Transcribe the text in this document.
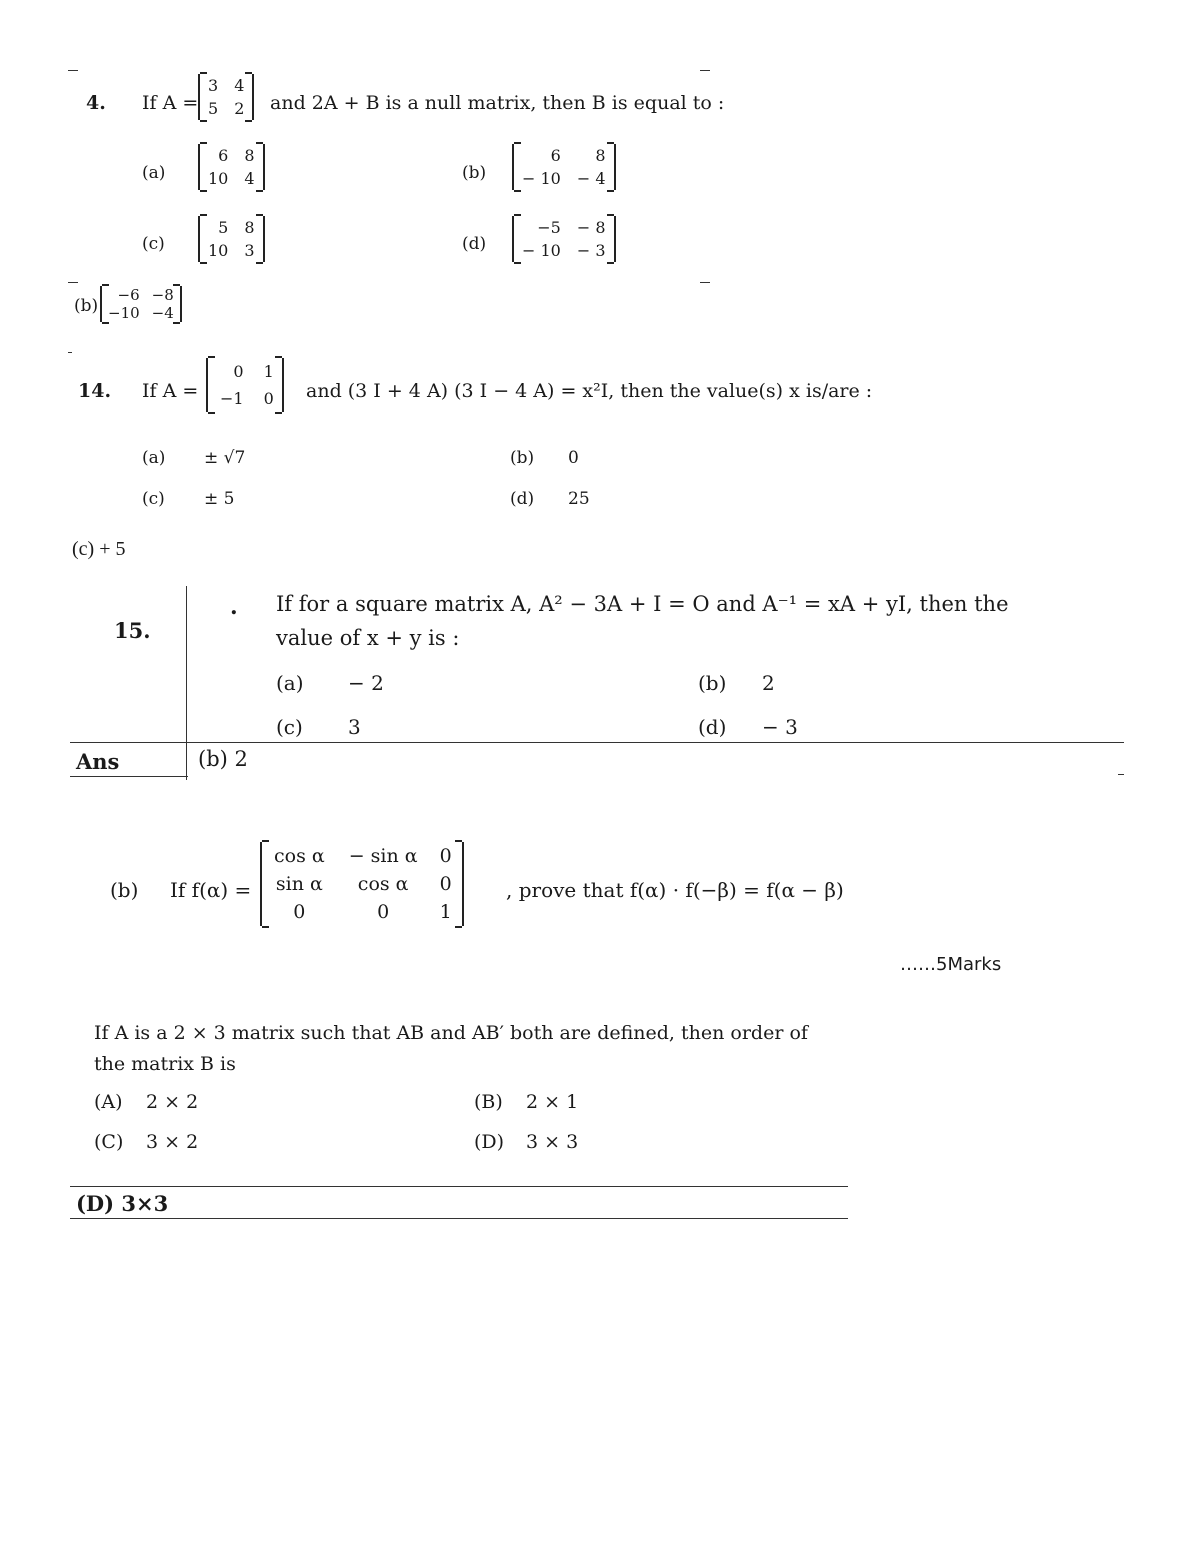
4. If A =
3	4
5	2 and 2A + B is a null matrix, then B is equal to :
(a)
6	8
10	4	(b)
6	8
− 10	− 4
(c)
5	8
10	3	(d)
−5	− 8
− 10	− 3
(b)
−6	−8
−10	−4
14. If A =
0	1
−1	0 and (3 I + 4 A) (3 I − 4 A) = x²I, then the value(s) x is/are :
(a) ± √7	(b) 0
(c) ± 5	(d) 25
(c) + 5
15.
. If for a square matrix A, A² − 3A + I = O and A⁻¹ = xA + yI, then the
value of x + y is :
(a) − 2	(b) 2
(c) 3	(d) − 3
Ans	(b) 2
(b) If f(α) =
cos α	− sin α	0
sin α	cos α	0
0	0	1
, prove that f(α) · f(−β) = f(α − β)
……5Marks
If A is a 2 × 3 matrix such that AB and AB′ both are defined, then order of
the matrix B is
(A) 2 × 2	(B) 2 × 1
(C) 3 × 2	(D) 3 × 3
(D) 3×3
